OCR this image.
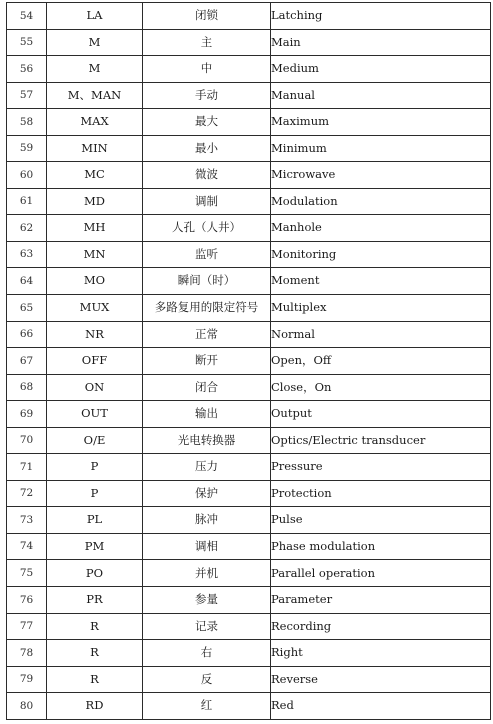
54	LA	闭锁	Latching
55	M	主	Main
56	M	中	Medium
57	M、MAN	手动	Manual
58	MAX	最大	Maximum
59	MIN	最小	Minimum
60	MC	微波	Microwave
61	MD	调制	Modulation
62	MH	人孔（人井）	Manhole
63	MN	监听	Monitoring
64	MO	瞬间（时）	Moment
65	MUX	多路复用的限定符号	Multiplex
66	NR	正常	Normal
67	OFF	断开	Open，Off
68	ON	闭合	Close，On
69	OUT	输出	Output
70	O/E	光电转换器	Optics/Electric transducer
71	P	压力	Pressure
72	P	保护	Protection
73	PL	脉冲	Pulse
74	PM	调相	Phase modulation
75	PO	并机	Parallel operation
76	PR	参量	Parameter
77	R	记录	Recording
78	R	右	Right
79	R	反	Reverse
80	RD	红	Red
